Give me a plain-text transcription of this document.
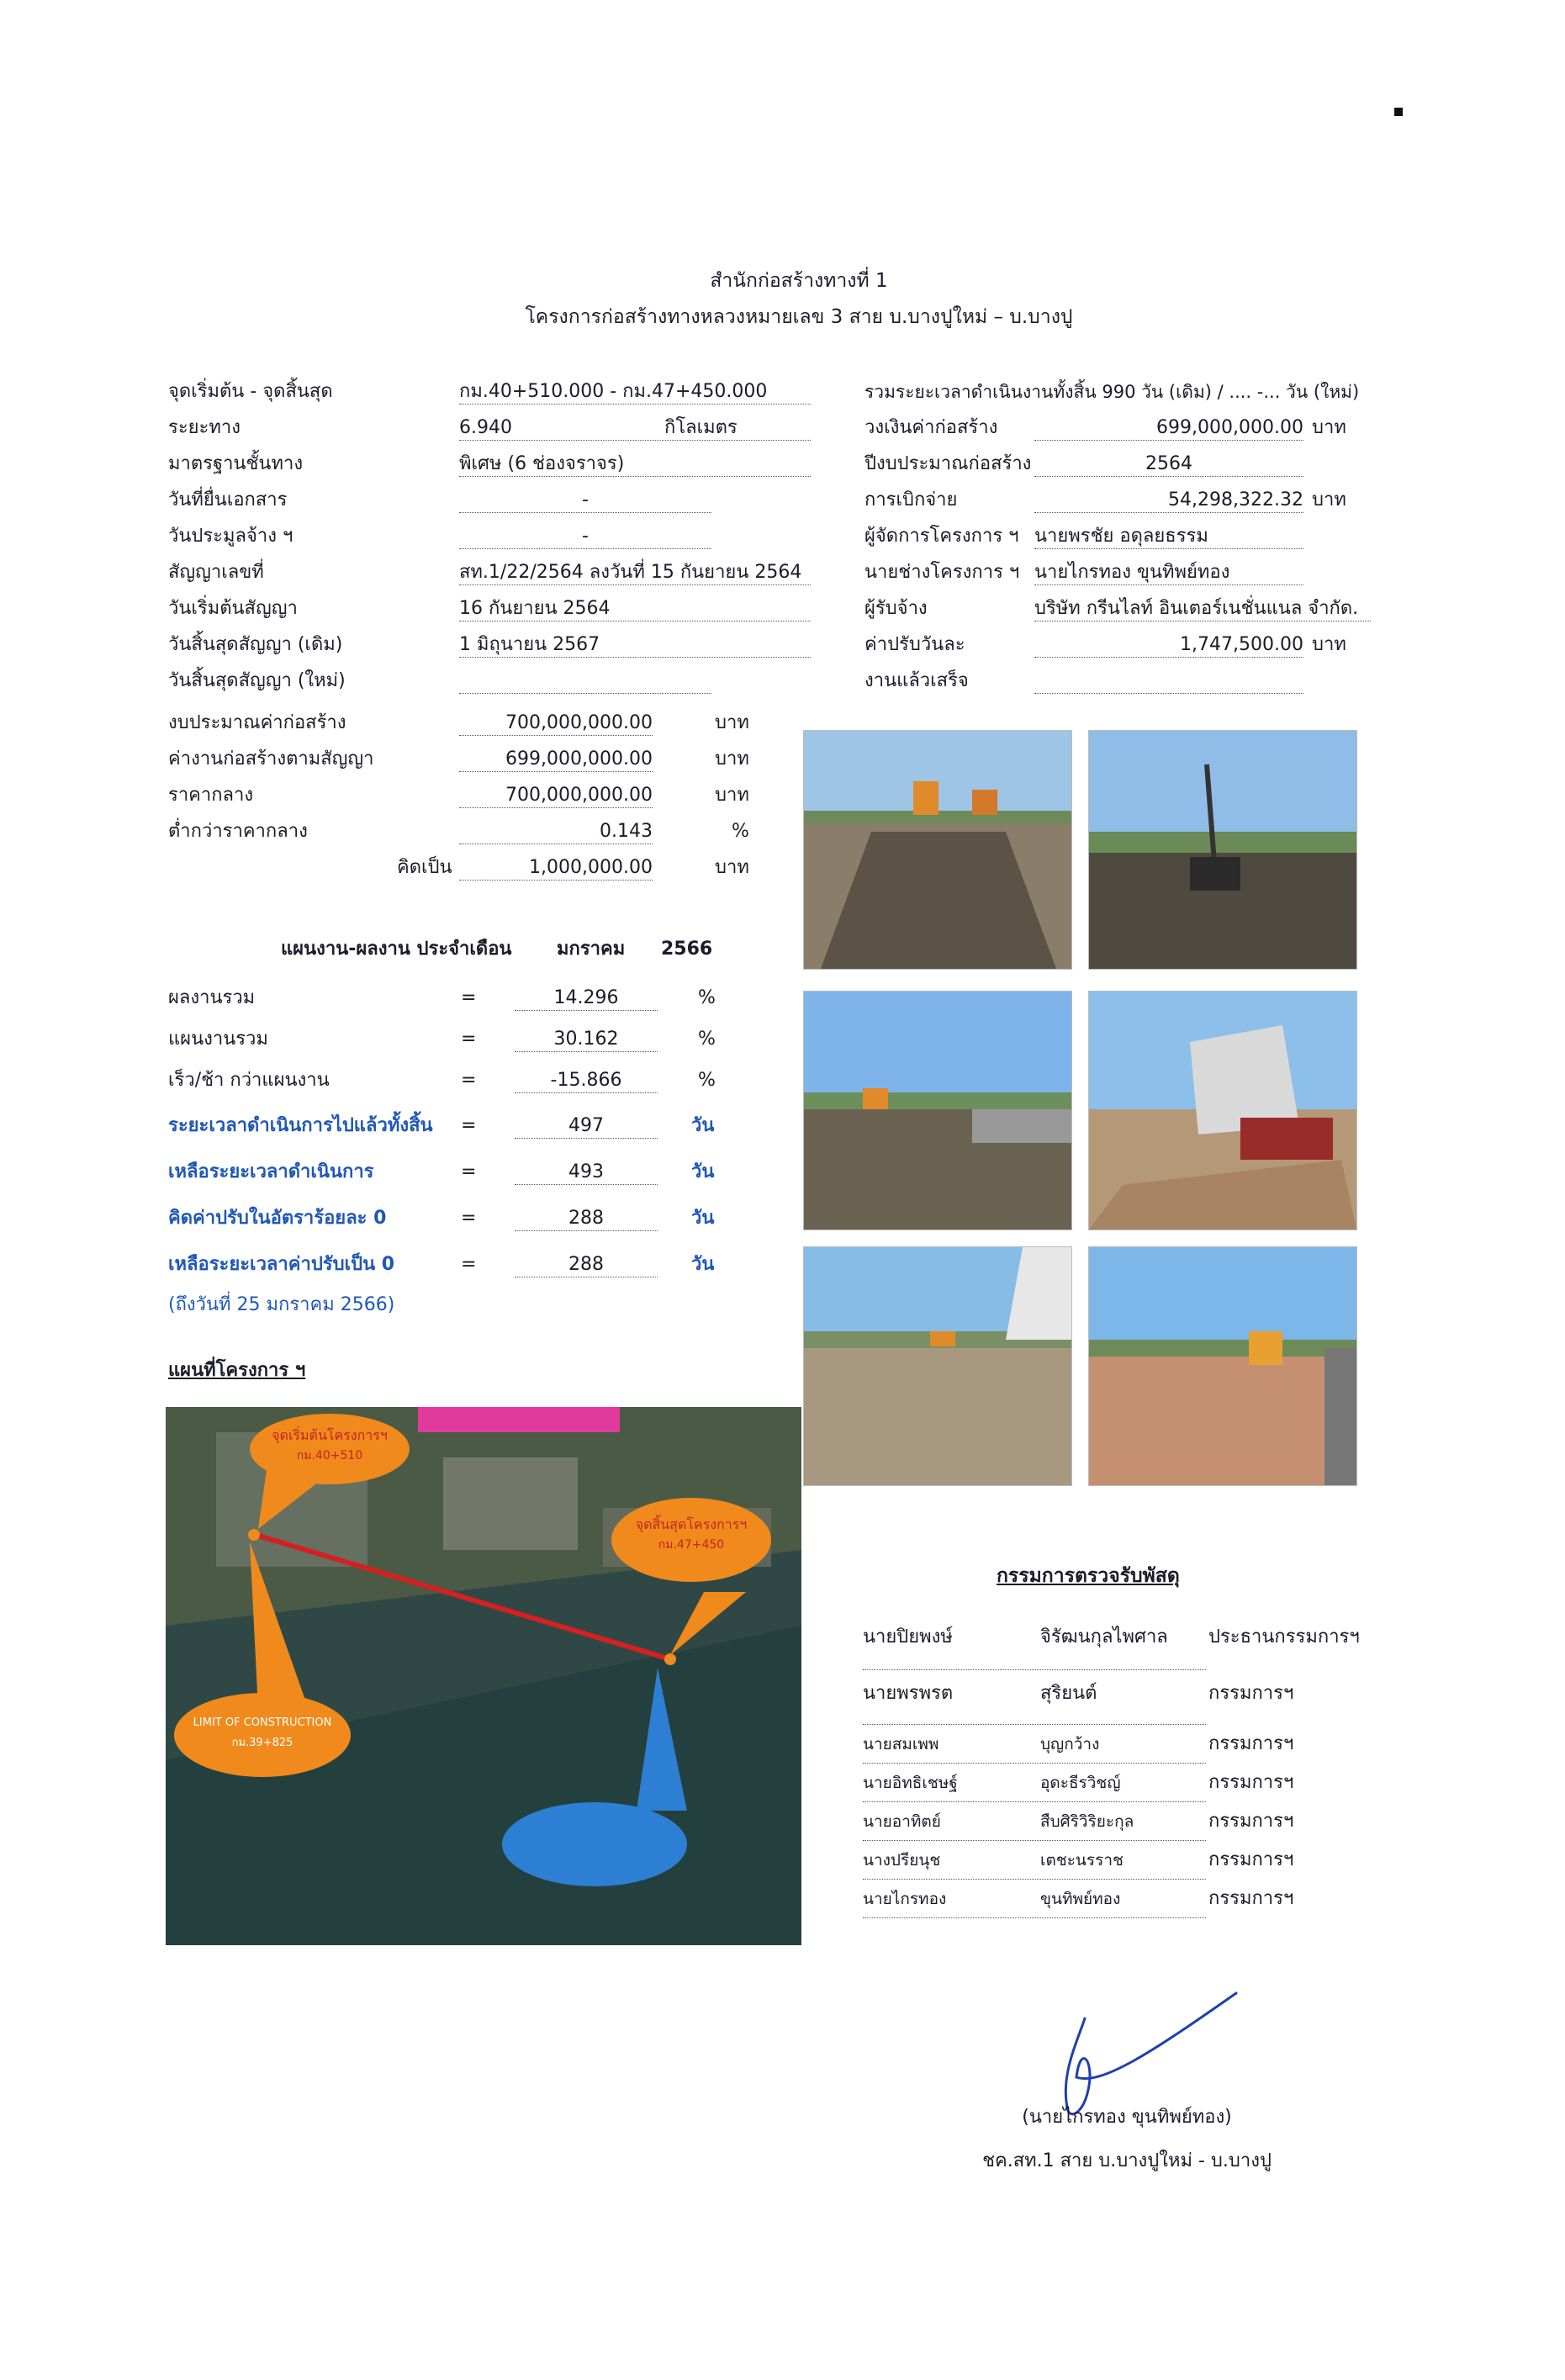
สำนักก่อสร้างทางที่ 1
โครงการก่อสร้างทางหลวงหมายเลข 3 สาย บ.บางปูใหม่ – บ.บางปู
จุดเริ่มต้น - จุดสิ้นสุด	กม.40+510.000 - กม.47+450.000
ระยะทาง	6.940	กิโลเมตร
มาตรฐานชั้นทาง	พิเศษ (6 ช่องจราจร)
วันที่ยื่นเอกสาร	-
วันประมูลจ้าง ฯ	-
สัญญาเลขที่	สท.1/22/2564 ลงวันที่ 15 กันยายน 2564
วันเริ่มต้นสัญญา	16 กันยายน 2564
วันสิ้นสุดสัญญา (เดิม)	1 มิถุนายน 2567
วันสิ้นสุดสัญญา (ใหม่)
รวมระยะเวลาดำเนินงานทั้งสิ้น 990 วัน (เดิม) / .... -... วัน (ใหม่)
วงเงินค่าก่อสร้าง	699,000,000.00 บาท
ปีงบประมาณก่อสร้าง	2564
การเบิกจ่าย	54,298,322.32 บาท
ผู้จัดการโครงการ ฯ นายพรชัย อดุลยธรรม
นายช่างโครงการ ฯ นายไกรทอง ขุนทิพย์ทอง
ผู้รับจ้าง	บริษัท กรีนไลท์ อินเตอร์เนชั่นแนล จำกัด.
ค่าปรับวันละ	1,747,500.00 บาท
งานแล้วเสร็จ
งบประมาณค่าก่อสร้าง	700,000,000.00	บาท
ค่างานก่อสร้างตามสัญญา	699,000,000.00	บาท
ราคากลาง	700,000,000.00	บาท
ต่ำกว่าราคากลาง	0.143	%
คิดเป็น	1,000,000.00	บาท
แผนงาน-ผลงาน ประจำเดือน มกราคม 2566
ผลงานรวม	=	14.296	%
แผนงานรวม	=	30.162	%
เร็ว/ช้า กว่าแผนงาน	=	-15.866	%
ระยะเวลาดำเนินการไปแล้วทั้งสิ้น =	497	วัน
เหลือระยะเวลาดำเนินการ	=	493	วัน
คิดค่าปรับในอัตราร้อยละ 0	=	288	วัน
เหลือระยะเวลาค่าปรับเป็น 0	=	288	วัน
(ถึงวันที่ 25 มกราคม 2566)
แผนที่โครงการ ฯ
จุดเริ่มต้นโครงการฯ
กม.40+510
จุดสิ้นสุดโครงการฯ
กม.47+450
LIMIT OF CONSTRUCTION
กม.39+825
กรรมการตรวจรับพัสดุ
นายปิยพงษ์	จิรัฒนกุลไพศาล ประธานกรรมการฯ
นายพรพรต	สุริยนต์	กรรมการฯ
นายสมเพพ	บุญกว้าง	กรรมการฯ
นายอิทธิเชษฐ์	อุดะธีรวิชญ์	กรรมการฯ
นายอาทิตย์	สืบศิริวิริยะกุล	กรรมการฯ
นางปรียนุช	เตชะนรราช	กรรมการฯ
นายไกรทอง	ขุนทิพย์ทอง	กรรมการฯ
(นายไกรทอง ขุนทิพย์ทอง)
ชค.สท.1 สาย บ.บางปูใหม่ - บ.บางปู
